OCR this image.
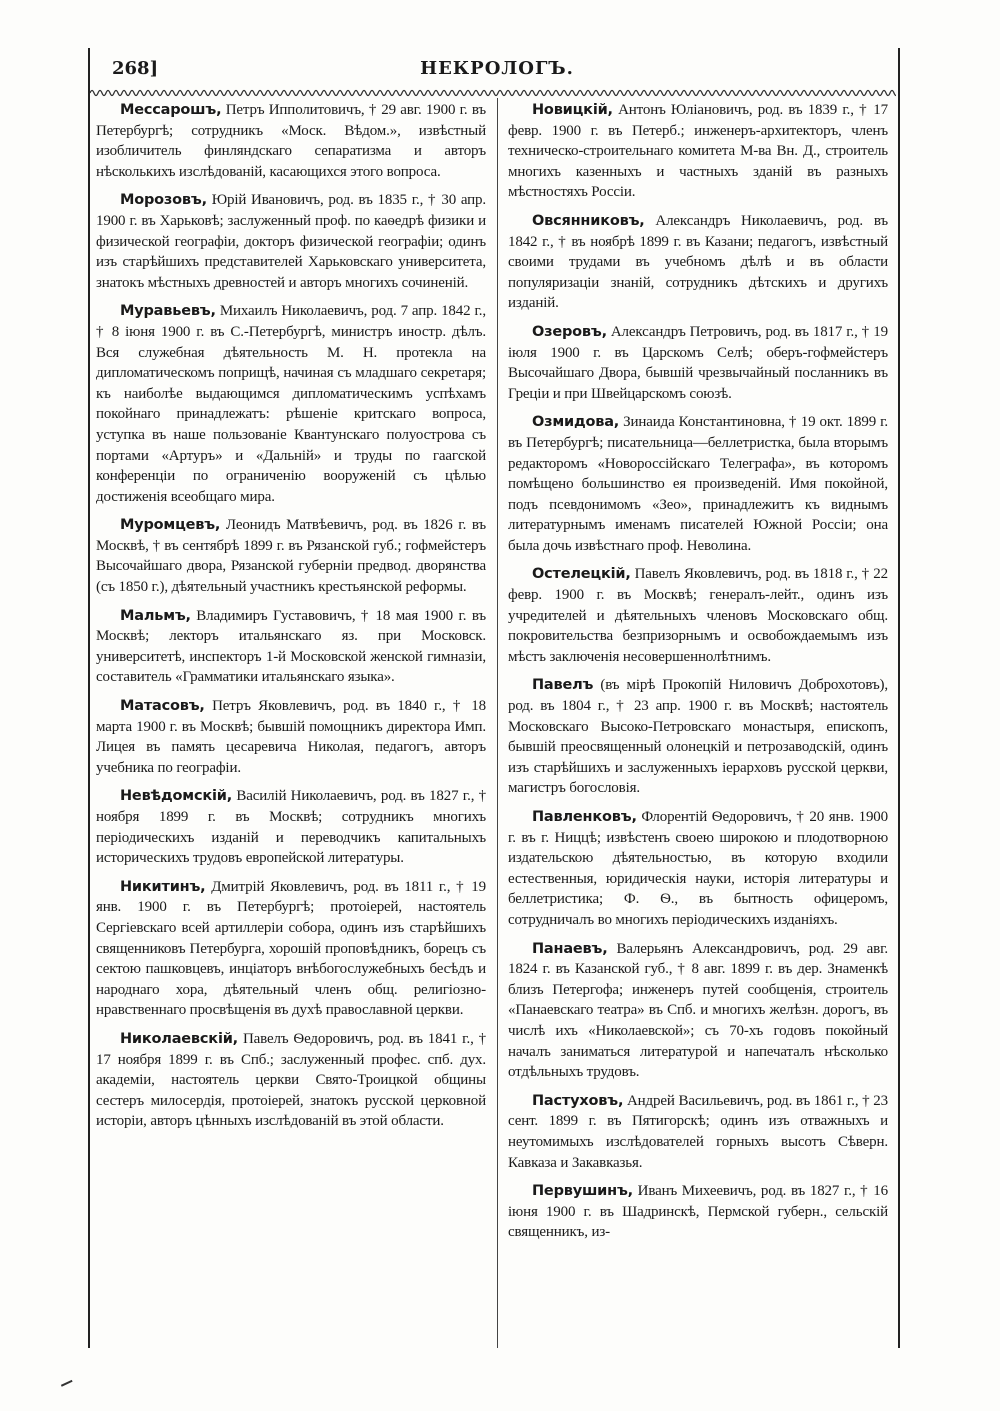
268]	НЕКРОЛОГЪ.

Мессарошъ, Петръ Ипполитовичъ, † 29 авг. 1900 г. въ Петербургѣ; сотрудникъ «Моск. Вѣдом.», извѣстный изобличитель финляндскаго сепаратизма и авторъ нѣсколькихъ изслѣдованій, касающихся этого вопроса.

Морозовъ, Юрій Ивановичъ, род. въ 1835 г., † 30 апр. 1900 г. въ Харьковѣ; заслуженный проф. по каѳедрѣ физики и физической географіи, докторъ физической географіи; одинъ изъ старѣйшихъ представителей Харьковскаго университета, знатокъ мѣстныхъ древностей и авторъ многихъ сочиненій.

Муравьевъ, Михаилъ Николаевичъ, род. 7 апр. 1842 г., † 8 іюня 1900 г. въ С.-Петербургѣ, министръ иностр. дѣлъ. Вся служебная дѣятельность М. Н. протекла на дипломатическомъ поприщѣ, начиная съ младшаго секретаря; къ наиболѣе выдающимся дипломатическимъ успѣхамъ покойнаго принадлежатъ: рѣшеніе критскаго вопроса, уступка въ наше пользованіе Квантунскаго полуострова съ портами «Артуръ» и «Дальній» и труды по гаагской конференціи по ограниченію вооруженій съ цѣлью достиженія всеобщаго мира.

Муромцевъ, Леонидъ Матвѣевичъ, род. въ 1826 г. въ Москвѣ, † въ сентябрѣ 1899 г. въ Рязанской губ.; гофмейстеръ Высочайшаго двора, Рязанской губерніи предвод. дворянства (съ 1850 г.), дѣятельный участникъ крестьянской реформы.

Мальмъ, Владимиръ Густавовичъ, † 18 мая 1900 г. въ Москвѣ; лекторъ итальянскаго яз. при Московск. университетѣ, инспекторъ 1-й Московской женской гимназіи, составитель «Грамматики итальянскаго языка».

Матасовъ, Петръ Яковлевичъ, род. въ 1840 г., † 18 марта 1900 г. въ Москвѣ; бывшій помощникъ директора Имп. Лицея въ память цесаревича Николая, педагогъ, авторъ учебника по географіи.

Невѣдомскій, Василій Николаевичъ, род. въ 1827 г., † ноября 1899 г. въ Москвѣ; сотрудникъ многихъ періодическихъ изданій и переводчикъ капитальныхъ историческихъ трудовъ европейской литературы.

Никитинъ, Дмитрій Яковлевичъ, род. въ 1811 г., † 19 янв. 1900 г. въ Петербургѣ; протоіерей, настоятель Сергіевскаго всей артиллеріи собора, одинъ изъ старѣйшихъ священниковъ Петербурга, хорошій проповѣдникъ, борецъ съ сектою пашковцевъ, инціаторъ внѣбогослужебныхъ бесѣдъ и народнаго хора, дѣятельный членъ общ. религіозно-нравственнаго просвѣщенія въ духѣ православной церкви.

Николаевскій, Павелъ Ѳедоровичъ, род. въ 1841 г., † 17 ноября 1899 г. въ Спб.; заслуженный профес. спб. дух. академіи, настоятель церкви Свято-Троицкой общины сестеръ милосердія, протоіерей, знатокъ русской церковной исторіи, авторъ цѣнныхъ изслѣдованій въ этой области.

Новицкій, Антонъ Юліановичъ, род. въ 1839 г., † 17 февр. 1900 г. въ Петерб.; инженеръ-архитекторъ, членъ техническо-строительнаго комитета М-ва Вн. Д., строитель многихъ казенныхъ и частныхъ зданій въ разныхъ мѣстностяхъ Россіи.

Овсянниковъ, Александръ Николаевичъ, род. въ 1842 г., † въ ноябрѣ 1899 г. въ Казани; педагогъ, извѣстный своими трудами въ учебномъ дѣлѣ и въ области популяризаціи знаній, сотрудникъ дѣтскихъ и другихъ изданій.

Озеровъ, Александръ Петровичъ, род. въ 1817 г., † 19 іюля 1900 г. въ Царскомъ Селѣ; оберъ-гофмейстеръ Высочайшаго Двора, бывшій чрезвычайный посланникъ въ Греціи и при Швейцарскомъ союзѣ.

Озмидова, Зинаида Константиновна, † 19 окт. 1899 г. въ Петербургѣ; писательница—беллетристка, была вторымъ редакторомъ «Новороссійскаго Телеграфа», въ которомъ помѣщено большинство ея произведеній. Имя покойной, подъ псевдонимомъ «Зео», принадлежитъ къ виднымъ литературнымъ именамъ писателей Южной Россіи; она была дочь извѣстнаго проф. Неволина.

Остелецкій, Павелъ Яковлевичъ, род. въ 1818 г., † 22 февр. 1900 г. въ Москвѣ; генералъ-лейт., одинъ изъ учредителей и дѣятельныхъ членовъ Московскаго общ. покровительства безпризорнымъ и освобождаемымъ изъ мѣстъ заключенія несовершеннолѣтнимъ.

Павелъ (въ мірѣ Прокопій Ниловичъ Доброхотовъ), род. въ 1804 г., † 23 апр. 1900 г. въ Москвѣ; настоятель Московскаго Высоко-Петровскаго монастыря, епископъ, бывшій преосвященный олонецкій и петрозаводскій, одинъ изъ старѣйшихъ и заслуженныхъ іерарховъ русской церкви, магистръ богословія.

Павленковъ, Флорентій Ѳедоровичъ, † 20 янв. 1900 г. въ г. Ниццѣ; извѣстенъ своею широкою и плодотворною издательскою дѣятельностью, въ которую входили естественныя, юридическія науки, исторія литературы и беллетристика; Ф. Ѳ., въ бытность офицеромъ, сотрудничалъ во многихъ періодическихъ изданіяхъ.

Панаевъ, Валерьянъ Александровичъ, род. 29 авг. 1824 г. въ Казанской губ., † 8 авг. 1899 г. въ дер. Знаменкѣ близъ Петергофа; инженеръ путей сообщенія, строитель «Панаевскаго театра» въ Спб. и многихъ желѣзн. дорогъ, въ числѣ ихъ «Николаевской»; съ 70-хъ годовъ покойный началъ заниматься литературой и напечаталъ нѣсколько отдѣльныхъ трудовъ.

Пастуховъ, Андрей Васильевичъ, род. въ 1861 г., † 23 сент. 1899 г. въ Пятигорскѣ; одинъ изъ отважныхъ и неутомимыхъ изслѣдователей горныхъ высотъ Сѣверн. Кавказа и Закавказья.

Первушинъ, Иванъ Михеевичъ, род. въ 1827 г., † 16 іюня 1900 г. въ Шадринскѣ, Пермской губерн., сельскій священникъ, из-
